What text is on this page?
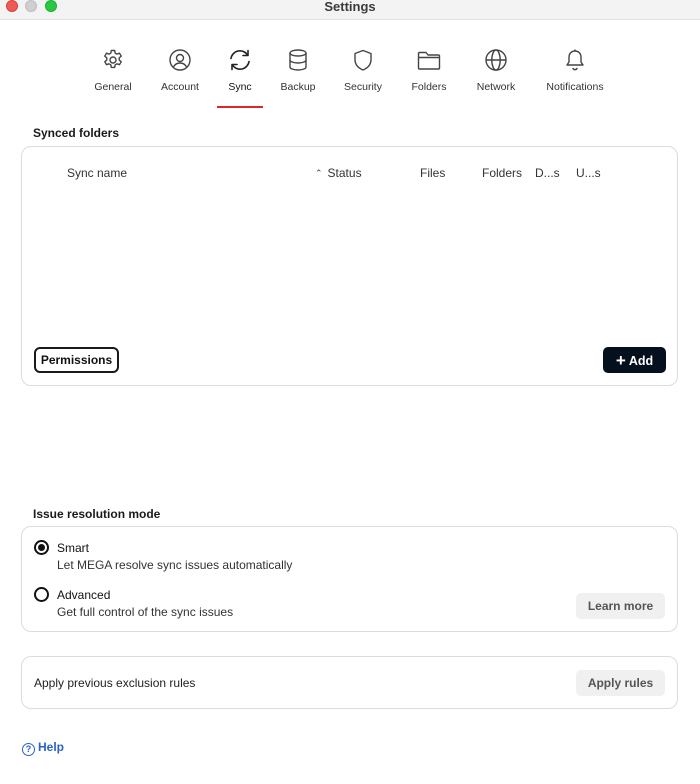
Settings
General	Account	Sync	Backup	Security	Folders	Network	Notifications
Synced folders
Sync name	⌃ Status	Files	Folders D...s U...s
Permissions	+ Add
Issue resolution mode
Smart
Let MEGA resolve sync issues automatically
Advanced
Get full control of the sync issues	Learn more
Apply previous exclusion rules	Apply rules
? Help
